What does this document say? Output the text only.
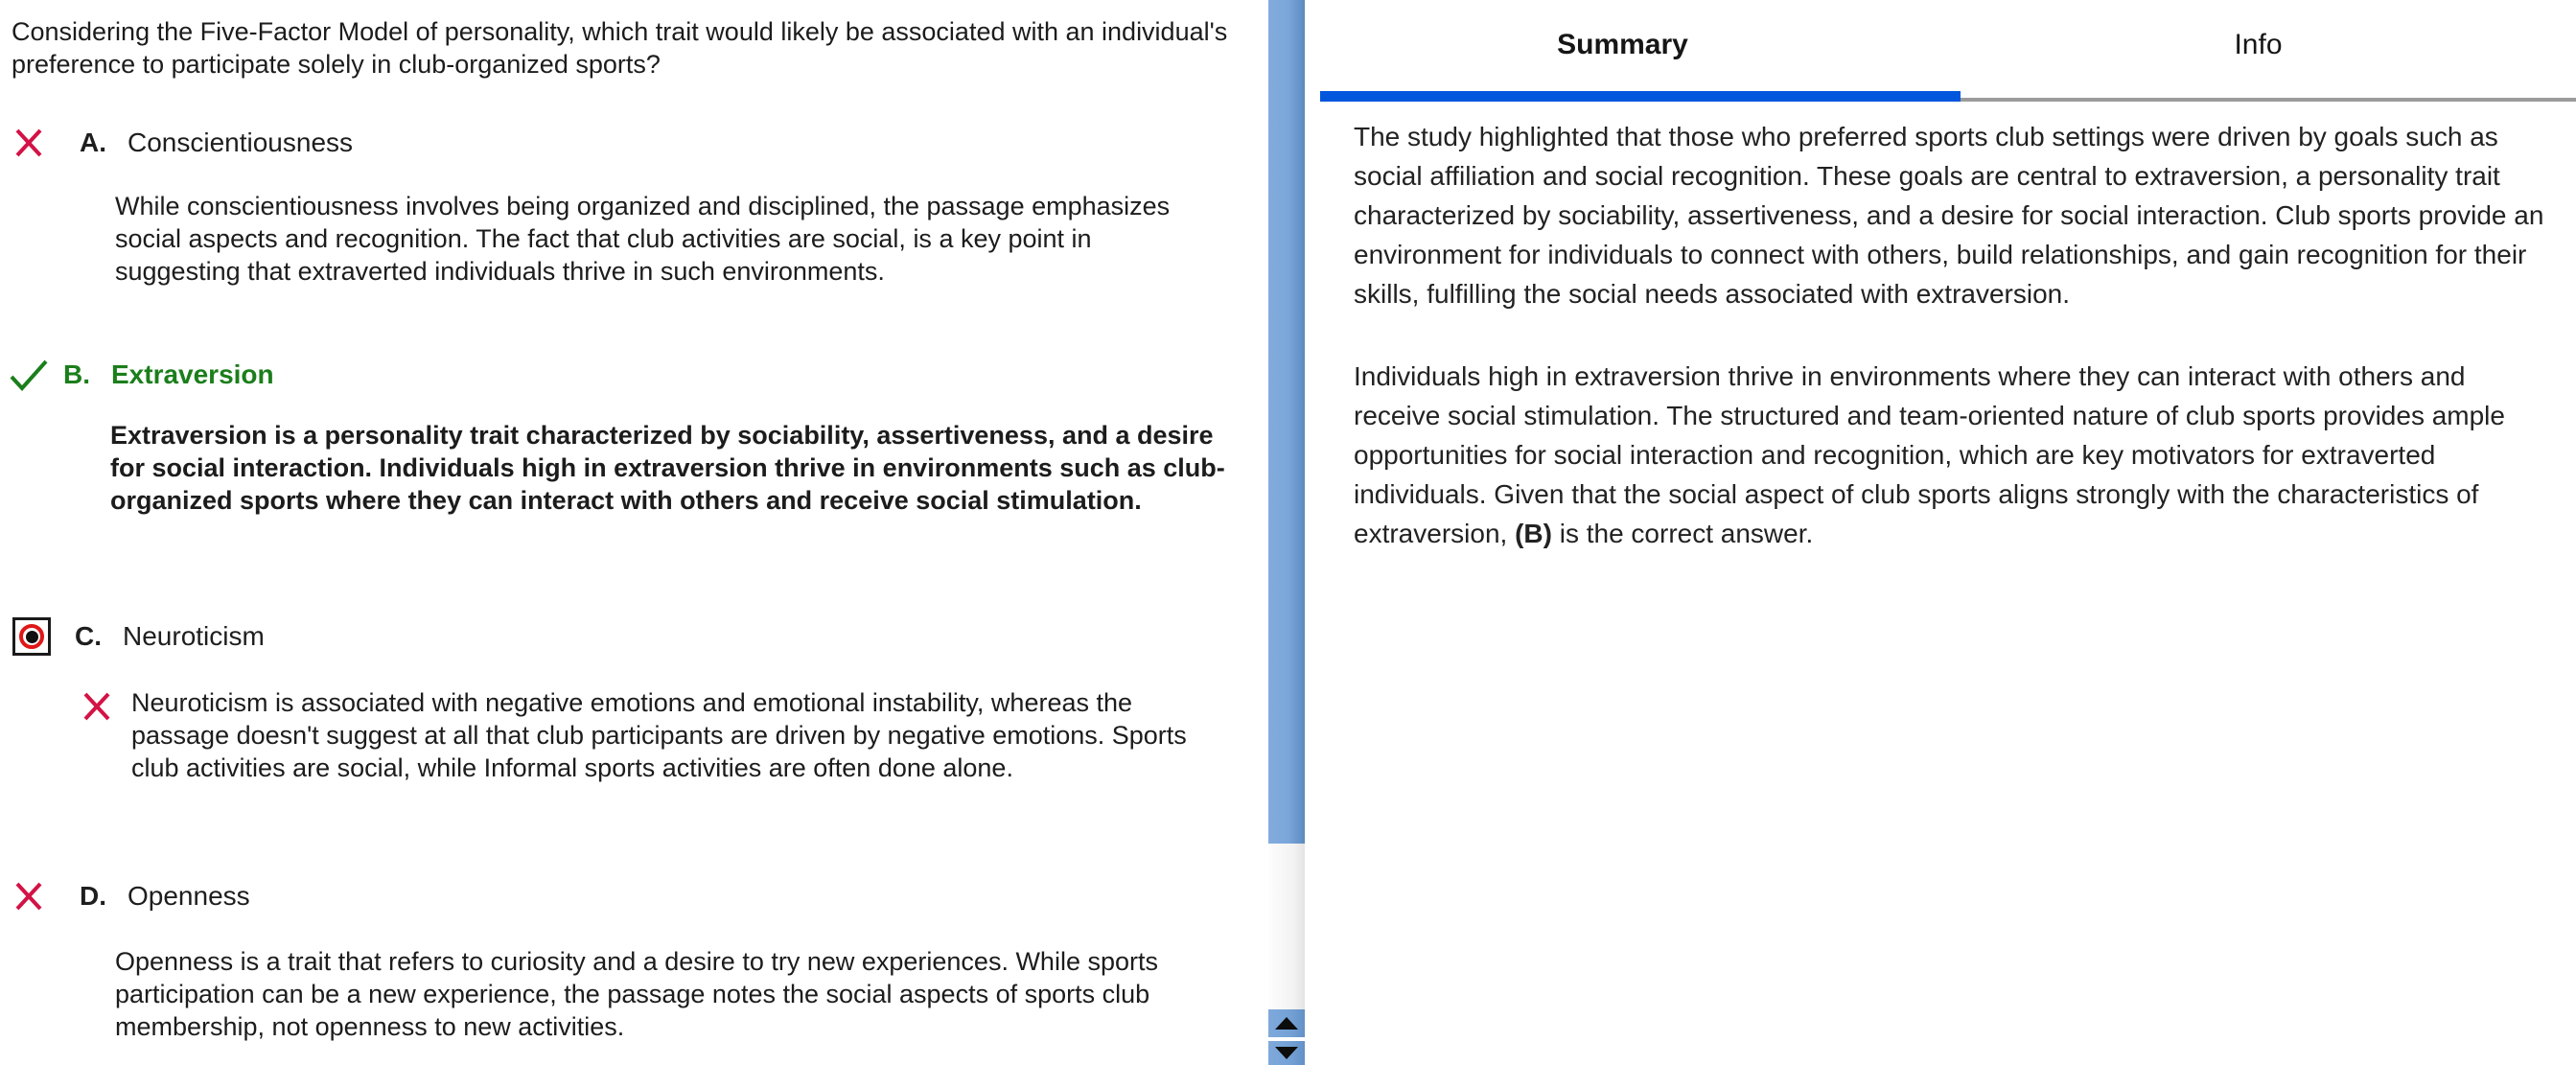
Considering the Five-Factor Model of personality, which trait would likely be associated with an individual's preference to participate solely in club-organized sports?
A. Conscientiousness
While conscientiousness involves being organized and disciplined, the passage emphasizes social aspects and recognition. The fact that club activities are social, is a key point in suggesting that extraverted individuals thrive in such environments.
B. Extraversion
Extraversion is a personality trait characterized by sociability, assertiveness, and a desire for social interaction. Individuals high in extraversion thrive in environments such as club-organized sports where they can interact with others and receive social stimulation.
C. Neuroticism
Neuroticism is associated with negative emotions and emotional instability, whereas the passage doesn't suggest at all that club participants are driven by negative emotions. Sports club activities are social, while Informal sports activities are often done alone.
D. Openness
Openness is a trait that refers to curiosity and a desire to try new experiences. While sports participation can be a new experience, the passage notes the social aspects of sports club membership, not openness to new activities.
Summary	Info

The study highlighted that those who preferred sports club settings were driven by goals such as social affiliation and social recognition. These goals are central to extraversion, a personality trait characterized by sociability, assertiveness, and a desire for social interaction. Club sports provide an environment for individuals to connect with others, build relationships, and gain recognition for their skills, fulfilling the social needs associated with extraversion.

Individuals high in extraversion thrive in environments where they can interact with others and receive social stimulation. The structured and team-oriented nature of club sports provides ample opportunities for social interaction and recognition, which are key motivators for extraverted individuals. Given that the social aspect of club sports aligns strongly with the characteristics of extraversion, (B) is the correct answer.
